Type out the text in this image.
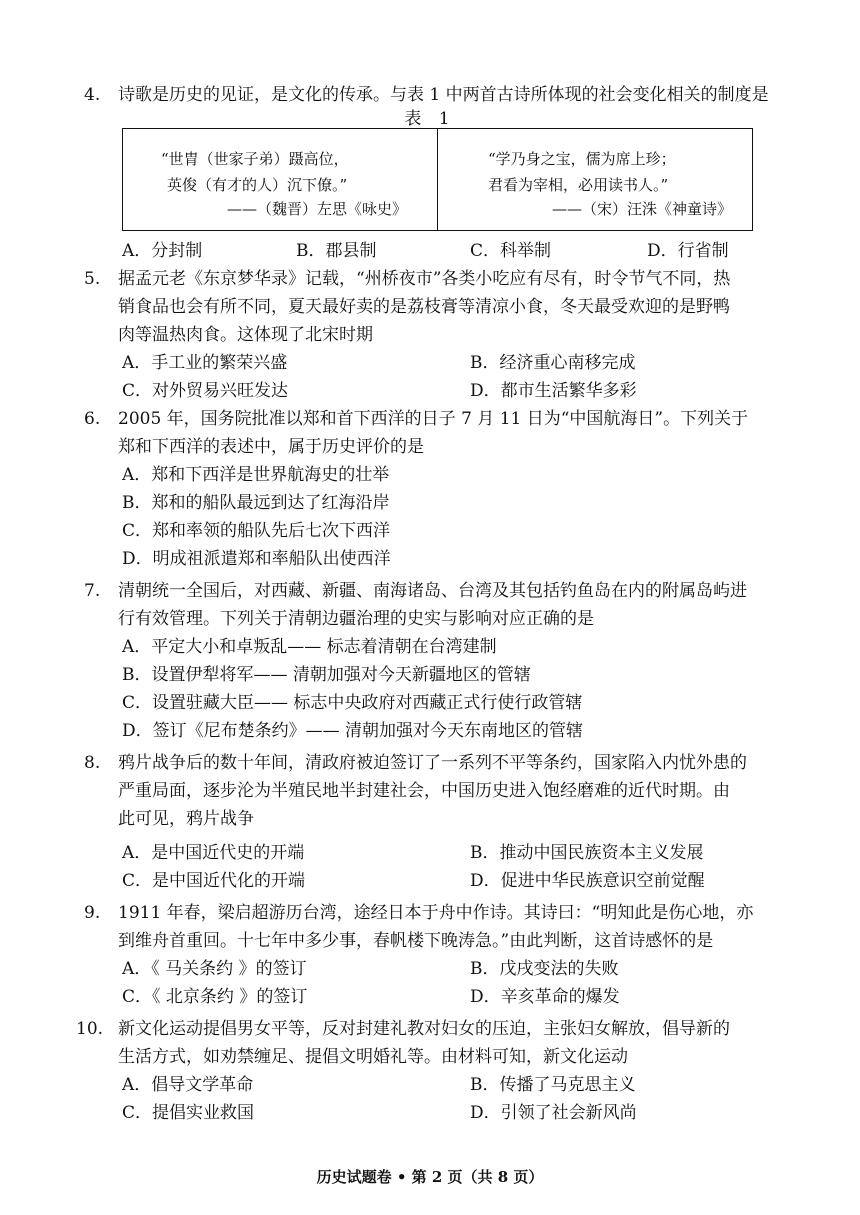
4. 诗歌是历史的见证，是文化的传承。与表 1 中两首古诗所体现的社会变化相关的制度是
表 1
“世胄（世家子弟）蹑高位，
英俊（有才的人）沉下僚。”
——（魏晋）左思《咏史》
“学乃身之宝，儒为席上珍；
君看为宰相，必用读书人。”
——（宋）汪洙《神童诗》
A．分封制	B．郡县制	C．科举制	D．行省制
5. 据孟元老《东京梦华录》记载，“州桥夜市”各类小吃应有尽有，时令节气不同，热
销食品也会有所不同，夏天最好卖的是荔枝膏等清凉小食，冬天最受欢迎的是野鸭
肉等温热肉食。这体现了北宋时期
A．手工业的繁荣兴盛	B．经济重心南移完成
C．对外贸易兴旺发达	D．都市生活繁华多彩
6. 2005 年，国务院批准以郑和首下西洋的日子 7 月 11 日为“中国航海日”。下列关于
郑和下西洋的表述中，属于历史评价的是
A．郑和下西洋是世界航海史的壮举
B．郑和的船队最远到达了红海沿岸
C．郑和率领的船队先后七次下西洋
D．明成祖派遣郑和率船队出使西洋
7. 清朝统一全国后，对西藏、新疆、南海诸岛、台湾及其包括钓鱼岛在内的附属岛屿进
行有效管理。下列关于清朝边疆治理的史实与影响对应正确的是
A．平定大小和卓叛乱—— 标志着清朝在台湾建制
B．设置伊犁将军—— 清朝加强对今天新疆地区的管辖
C．设置驻藏大臣—— 标志中央政府对西藏正式行使行政管辖
D．签订《尼布楚条约》—— 清朝加强对今天东南地区的管辖
8. 鸦片战争后的数十年间，清政府被迫签订了一系列不平等条约，国家陷入内忧外患的
严重局面，逐步沦为半殖民地半封建社会，中国历史进入饱经磨难的近代时期。由
此可见，鸦片战争
A．是中国近代史的开端	B．推动中国民族资本主义发展
C．是中国近代化的开端	D．促进中华民族意识空前觉醒
9. 1911 年春，梁启超游历台湾，途经日本于舟中作诗。其诗曰：“明知此是伤心地，亦
到维舟首重回。十七年中多少事，春帆楼下晚涛急。”由此判断，这首诗感怀的是
A．《 马关条约 》的签订	B．戊戌变法的失败
C．《 北京条约 》的签订	D．辛亥革命的爆发
10. 新文化运动提倡男女平等，反对封建礼教对妇女的压迫，主张妇女解放，倡导新的
生活方式，如劝禁缠足、提倡文明婚礼等。由材料可知，新文化运动
A．倡导文学革命	B．传播了马克思主义
C．提倡实业救国	D．引领了社会新风尚
历史试题卷 • 第 2 页（共 8 页）
